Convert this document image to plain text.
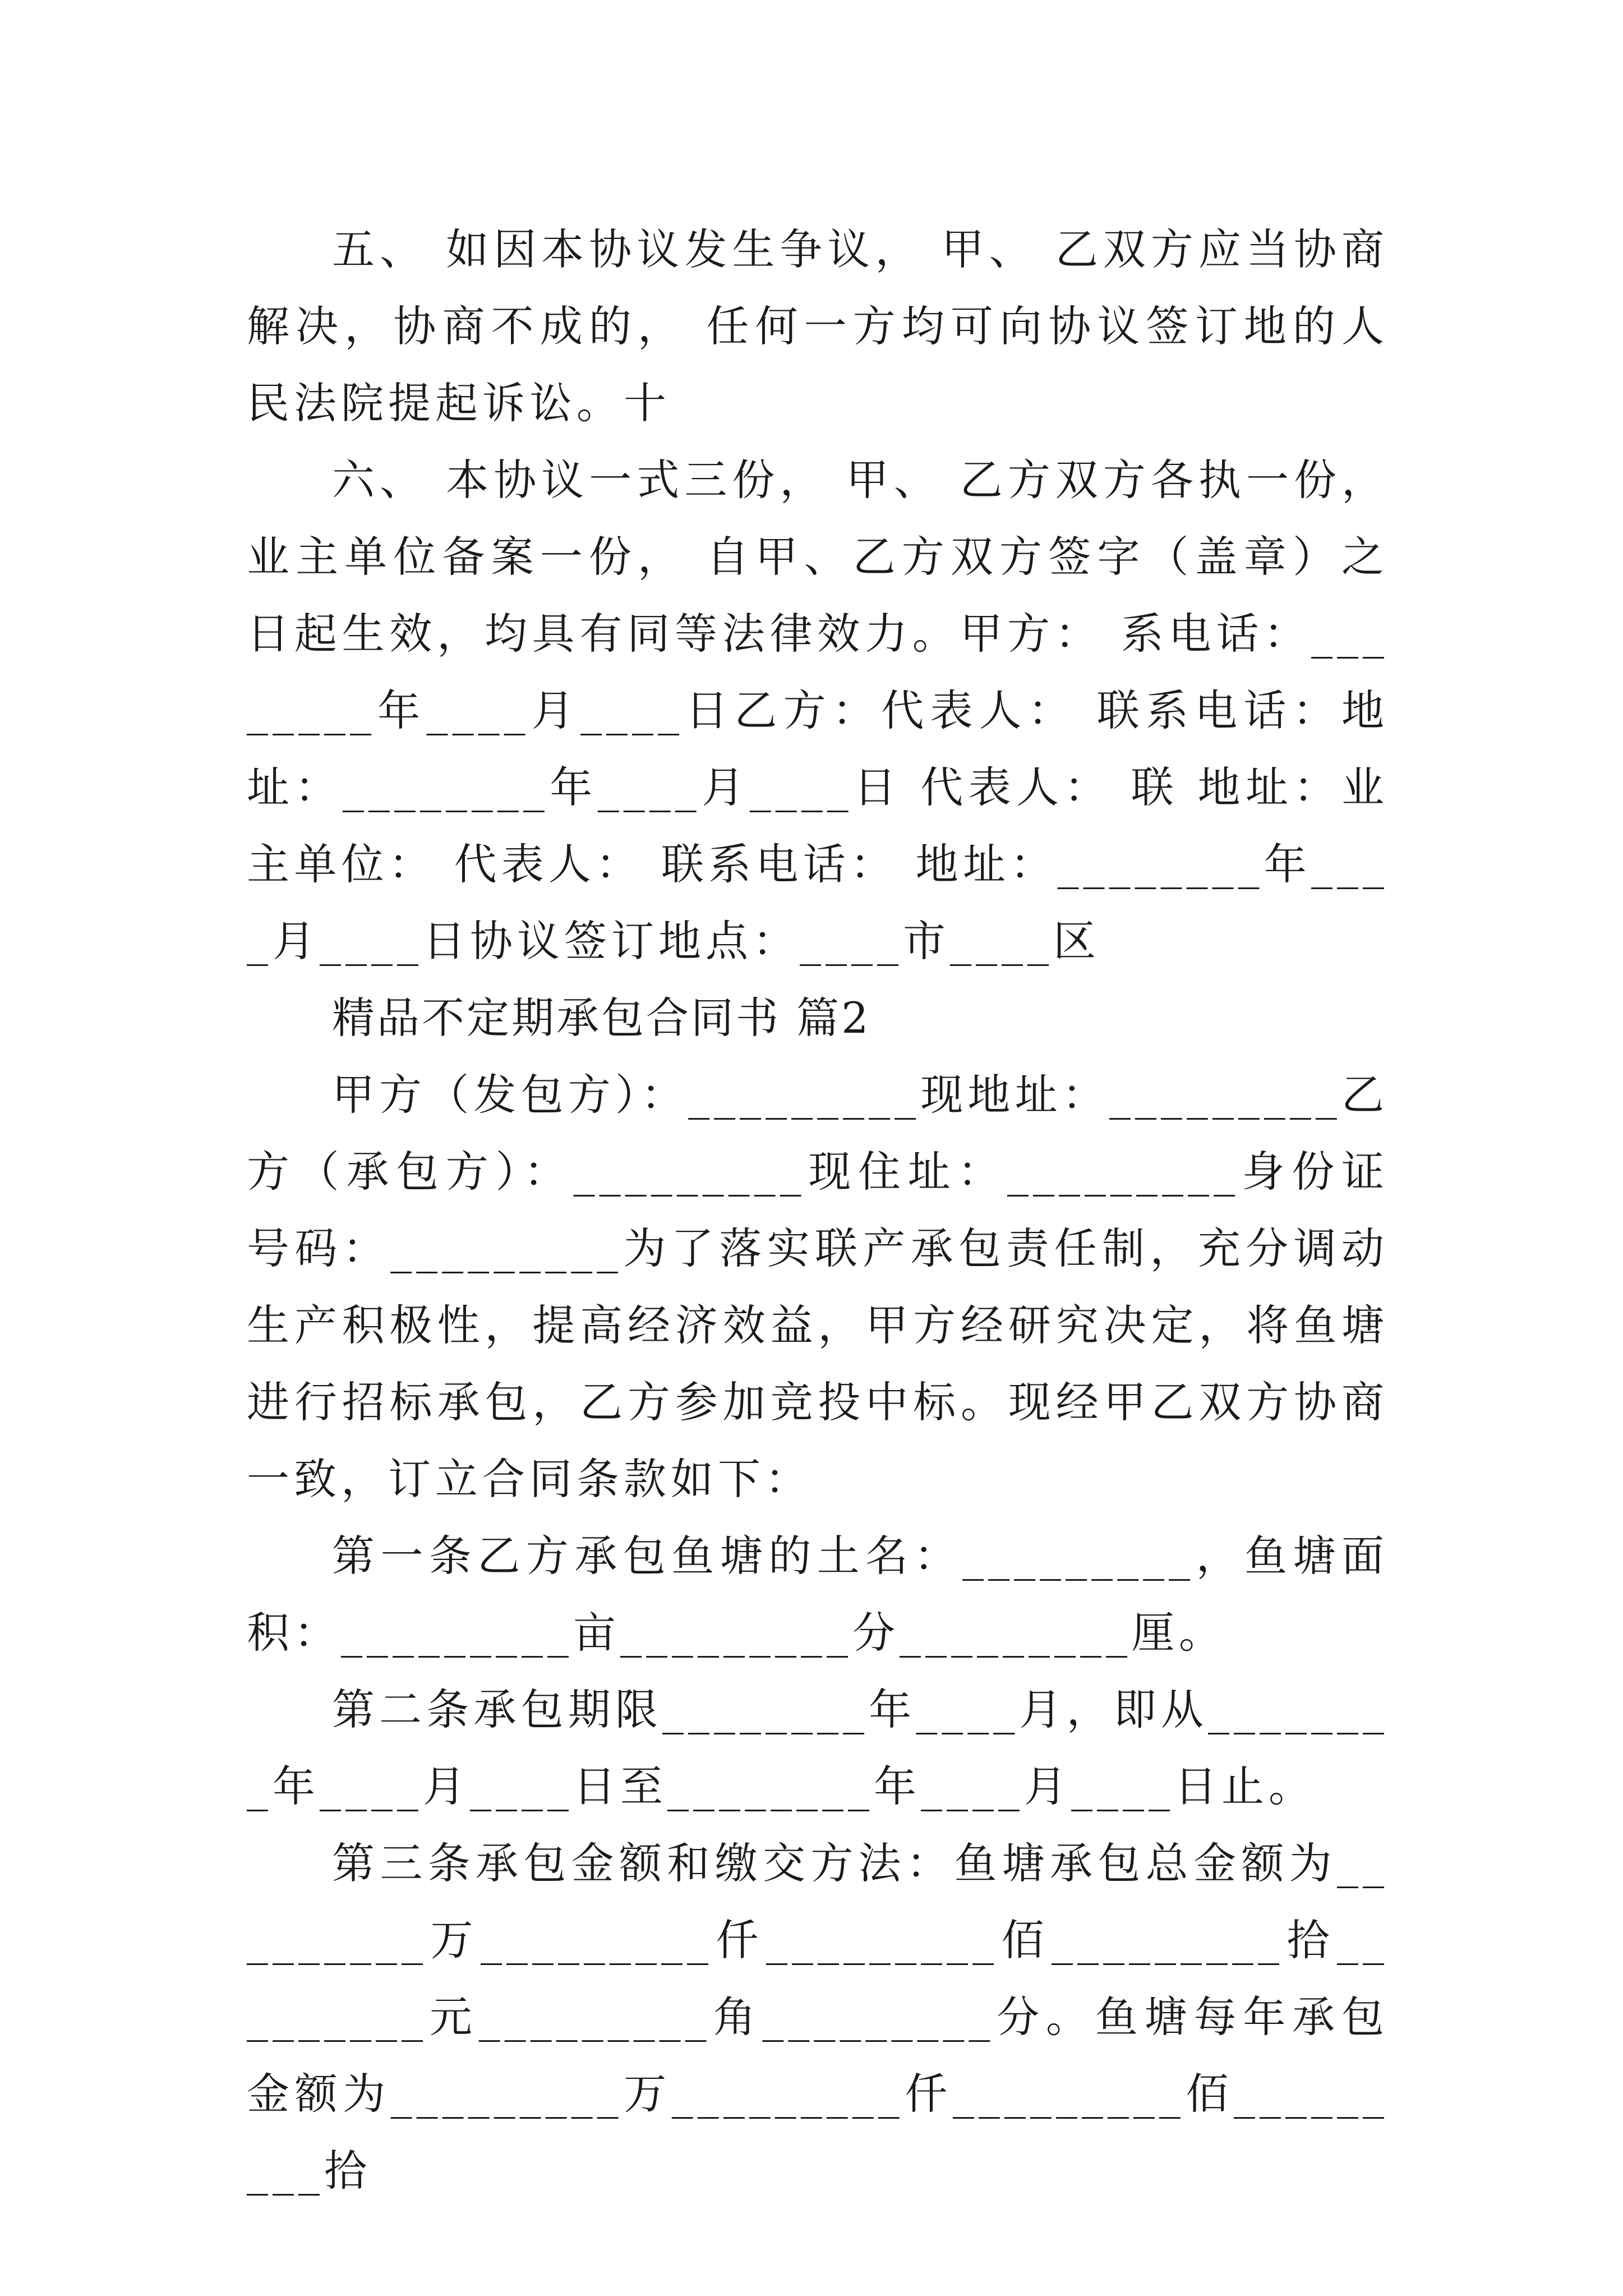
五、 如因本协议发生争议， 甲、 乙双方应当协商解决，协商不成的， 任何一方均可向协议签订地的人民法院提起诉讼。十

六、 本协议一式三份， 甲、 乙方双方各执一份，业主单位备案一份， 自甲、乙方双方签字（盖章）之日起生效，均具有同等法律效力。甲方： 系电话：________年____月____日乙方：代表人： 联系电话：地址：________年____月____日 代表人： 联 地址：业主单位： 代表人： 联系电话： 地址：________年____月____日协议签订地点：____市____区

精品不定期承包合同书 篇2

甲方（发包方）：_________现地址：_________乙方（承包方）：_________现住址：_________身份证号码：_________为了落实联产承包责任制，充分调动生产积极性，提高经济效益，甲方经研究决定，将鱼塘进行招标承包，乙方参加竞投中标。现经甲乙双方协商一致，订立合同条款如下：

第一条乙方承包鱼塘的土名：_________，鱼塘面积：_________亩_________分_________厘。

第二条承包期限________年____月，即从________年____月____日至________年____月____日止。

第三条承包金额和缴交方法：鱼塘承包总金额为_________万_________仟_________佰_________拾_________元_________角_________分。鱼塘每年承包金额为_________万_________仟_________佰_________拾
